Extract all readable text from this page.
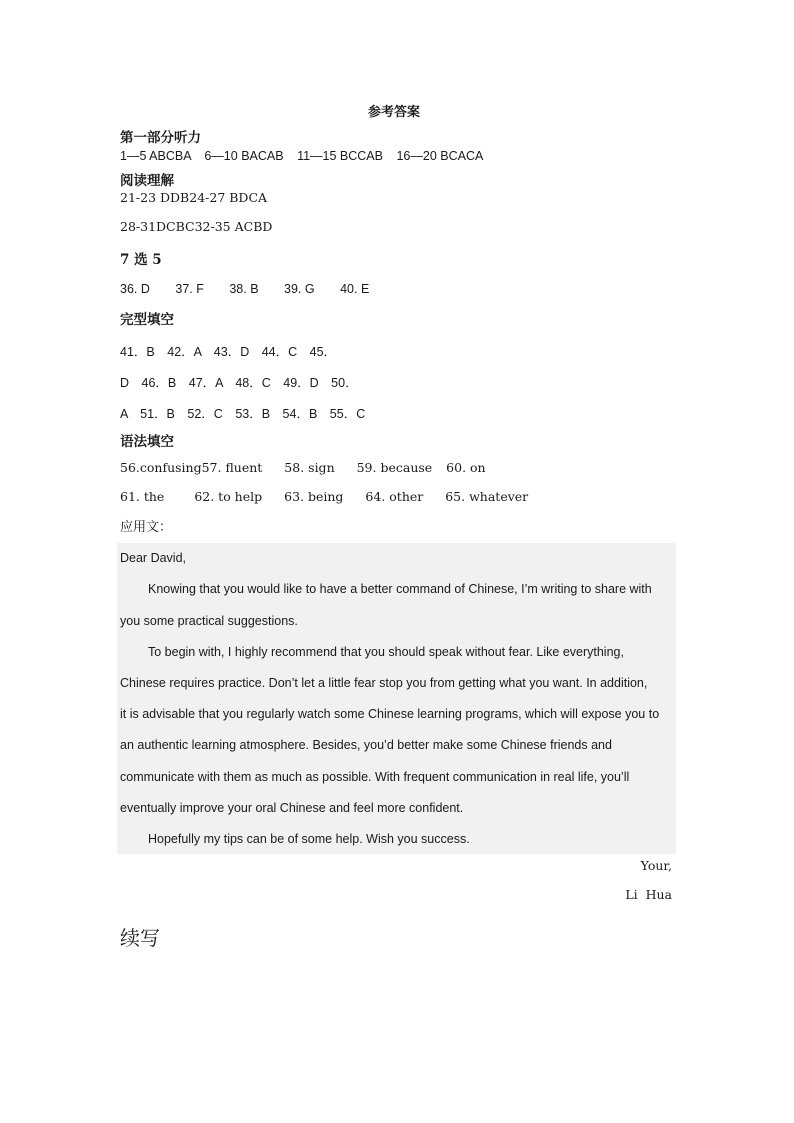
参考答案
第一部分听力
1—5 ABCBA 6—10 BACAB 11—15 BCCAB 16—20 BCACA
阅读理解
21-23 DDB24-27 BDCA
28-31DCBC32-35 ACBD
7 选 5
36. D 37. F 38. B 39. G 40. E
完型填空
41．B　42．A　43．D　44．C　45．
D　46．B　47．A　48．C　49．D　50．
A　51．B　52．C　53．B　54．B　55．C
语法填空
56.confusing57. fluent 58. sign 59. because 60. on
61. the 62. to help 63. being 64. other 65. whatever
应用文：
Dear David,
Knowing that you would like to have a better command of Chinese, I’m writing to share with
you some practical suggestions.
To begin with, I highly recommend that you should speak without fear. Like everything,
Chinese requires practice. Don’t let a little fear stop you from getting what you want. In addition,
it is advisable that you regularly watch some Chinese learning programs, which will expose you to
an authentic learning atmosphere. Besides, you’d better make some Chinese friends and
communicate with them as much as possible. With frequent communication in real life, you’ll
eventually improve your oral Chinese and feel more confident.
Hopefully my tips can be of some help. Wish you success.
Your,
Li  Hua
续写
